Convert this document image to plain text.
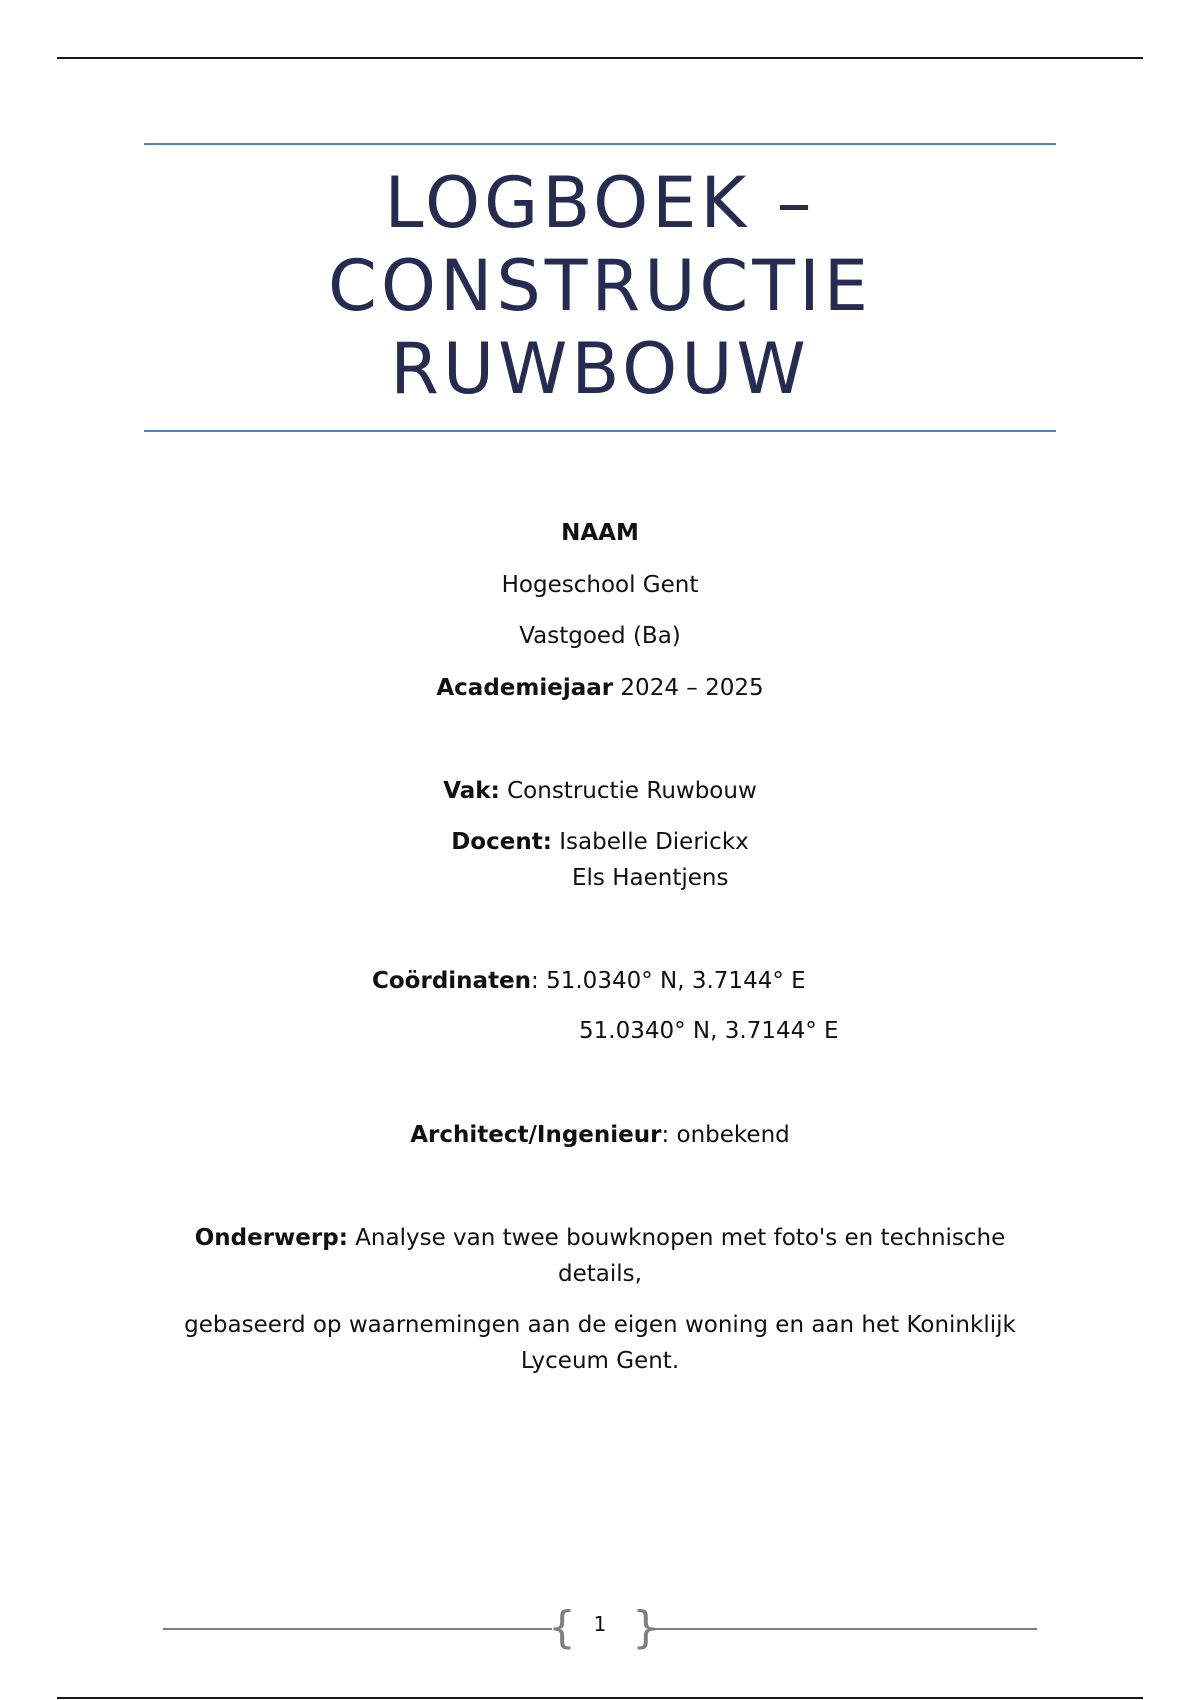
LOGBOEK –
CONSTRUCTIE
RUWBOUW
NAAM
Hogeschool Gent
Vastgoed (Ba)
Academiejaar 2024 – 2025
Vak: Constructie Ruwbouw
Docent: Isabelle Dierickx
Els Haentjens
Coördinaten: 51.0340° N, 3.7144° E
51.0340° N, 3.7144° E
Architect/Ingenieur: onbekend
Onderwerp: Analyse van twee bouwknopen met foto's en technische
details,
gebaseerd op waarnemingen aan de eigen woning en aan het Koninklijk
Lyceum Gent.
{ 1 }
